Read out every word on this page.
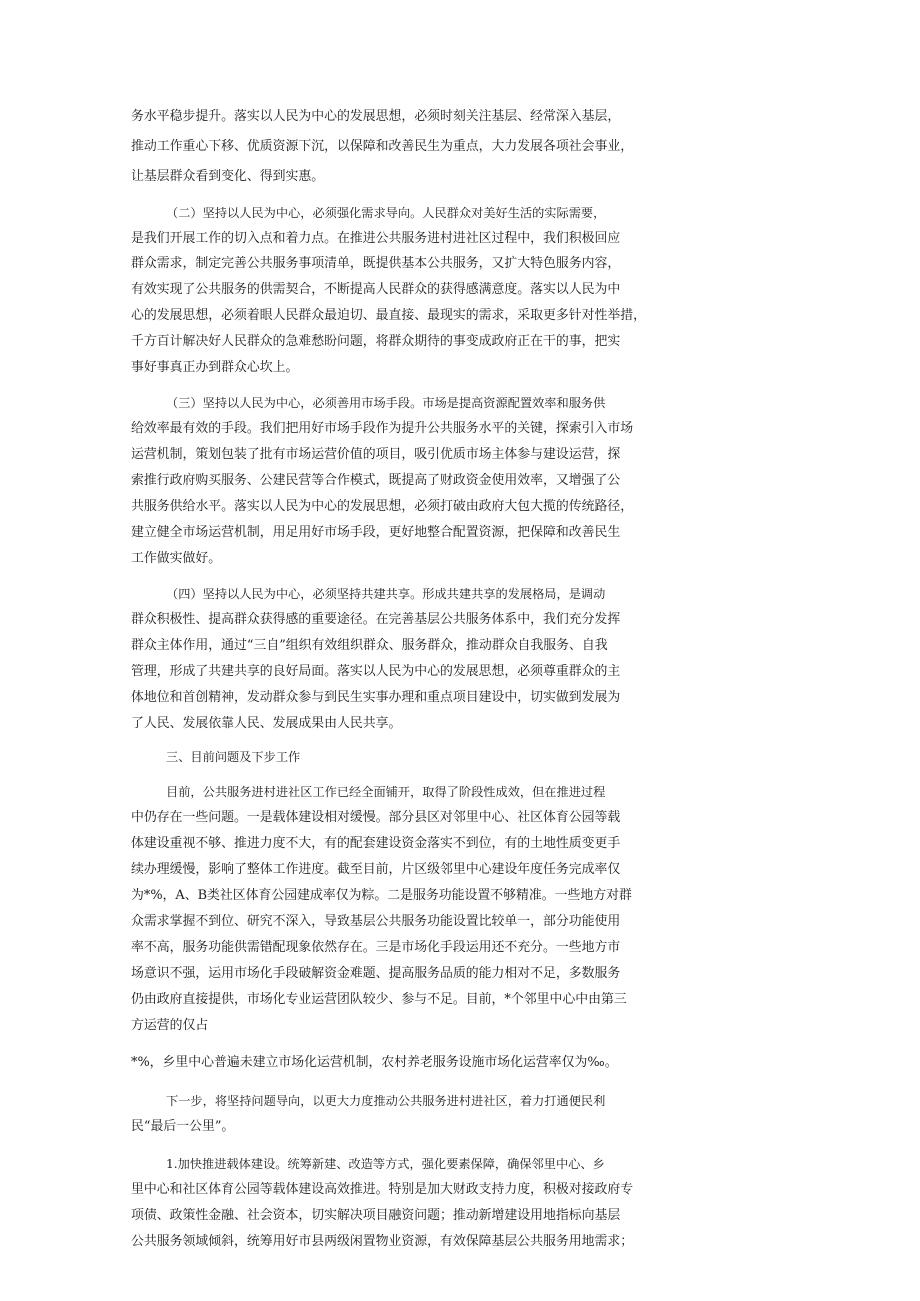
务水平稳步提升。落实以人民为中心的发展思想，必须时刻关注基层、经常深入基层，
推动工作重心下移、优质资源下沉，以保障和改善民生为重点，大力发展各项社会事业，
让基层群众看到变化、得到实惠。
（二）坚持以人民为中心，必须强化需求导向。人民群众对美好生活的实际需要，
是我们开展工作的切入点和着力点。在推进公共服务进村进社区过程中，我们积极回应
群众需求，制定完善公共服务事项清单，既提供基本公共服务，又扩大特色服务内容，
有效实现了公共服务的供需契合，不断提高人民群众的获得感满意度。落实以人民为中
心的发展思想，必须着眼人民群众最迫切、最直接、最现实的需求，采取更多针对性举措，
千方百计解决好人民群众的急难愁盼问题，将群众期待的事变成政府正在干的事，把实
事好事真正办到群众心坎上。
（三）坚持以人民为中心，必须善用市场手段。市场是提高资源配置效率和服务供
给效率最有效的手段。我们把用好市场手段作为提升公共服务水平的关键，探索引入市场
运营机制，策划包装了批有市场运营价值的项目，吸引优质市场主体参与建设运营，探
索推行政府购买服务、公建民营等合作模式，既提高了财政资金使用效率，又增强了公
共服务供给水平。落实以人民为中心的发展思想，必须打破由政府大包大揽的传统路径，
建立健全市场运营机制，用足用好市场手段，更好地整合配置资源，把保障和改善民生
工作做实做好。
（四）坚持以人民为中心，必须坚持共建共享。形成共建共享的发展格局，是调动
群众积极性、提高群众获得感的重要途径。在完善基层公共服务体系中，我们充分发挥
群众主体作用，通过“三自”组织有效组织群众、服务群众，推动群众自我服务、自我
管理，形成了共建共享的良好局面。落实以人民为中心的发展思想，必须尊重群众的主
体地位和首创精神，发动群众参与到民生实事办理和重点项目建设中，切实做到发展为
了人民、发展依靠人民、发展成果由人民共享。
三、目前问题及下步工作
目前，公共服务进村进社区工作已经全面铺开，取得了阶段性成效，但在推进过程
中仍存在一些问题。一是载体建设相对缓慢。部分县区对邻里中心、社区体育公园等载
体建设重视不够、推进力度不大，有的配套建设资金落实不到位，有的土地性质变更手
续办理缓慢，影响了整体工作进度。截至目前，片区级邻里中心建设年度任务完成率仅
为*%，A、B类社区体育公园建成率仅为粽。二是服务功能设置不够精准。一些地方对群
众需求掌握不到位、研究不深入，导致基层公共服务功能设置比较单一，部分功能使用
率不高，服务功能供需错配现象依然存在。三是市场化手段运用还不充分。一些地方市
场意识不强，运用市场化手段破解资金难题、提高服务品质的能力相对不足，多数服务
仍由政府直接提供，市场化专业运营团队较少、参与不足。目前，*个邻里中心中由第三
方运营的仅占
*%，乡里中心普遍未建立市场化运营机制，农村养老服务设施市场化运营率仅为‰。
下一步，将坚持问题导向，以更大力度推动公共服务进村进社区，着力打通便民利
民“最后一公里”。
1.加快推进载体建设。统筹新建、改造等方式，强化要素保障，确保邻里中心、乡
里中心和社区体育公园等载体建设高效推进。特别是加大财政支持力度，积极对接政府专
项债、政策性金融、社会资本，切实解决项目融资问题；推动新增建设用地指标向基层
公共服务领域倾斜，统筹用好市县两级闲置物业资源，有效保障基层公共服务用地需求；
